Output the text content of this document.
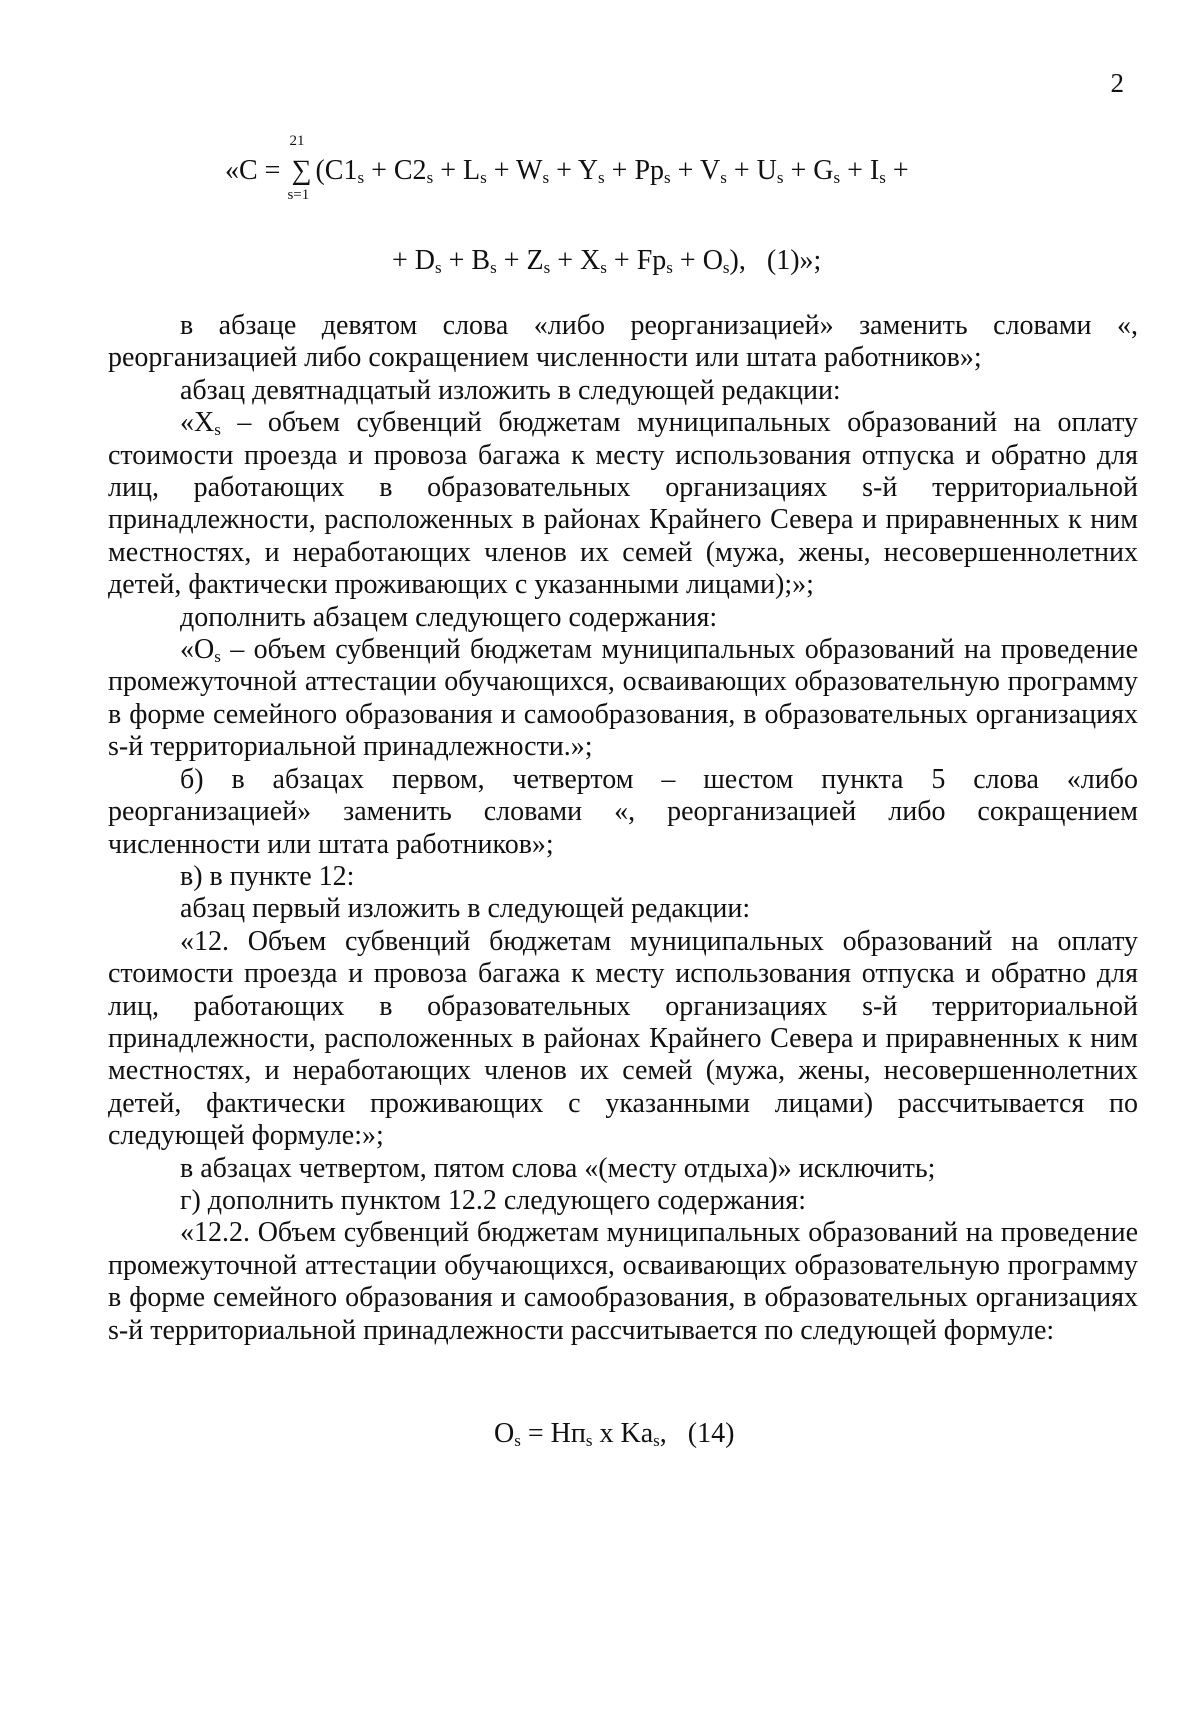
2
«C =
21
∑
s=1
($C1_s + C2_s + L_s + W_s + Y_s + Pp_s + V_s + U_s + G_s + I_s$ +
+ $D_s + B_s + Z_s + X_s + Fp_s + O_s$),   (1)»;

в абзаце девятом слова «либо реорганизацией» заменить словами «, реорганизацией либо сокращением численности или штата работников»;

абзац девятнадцатый изложить в следующей редакции:

«$X_s$ – объем субвенций бюджетам муниципальных образований на оплату стоимости проезда и провоза багажа к месту использования отпуска и обратно для лиц, работающих в образовательных организациях s-й территориальной принадлежности, расположенных в районах Крайнего Севера и приравненных к ним местностях, и неработающих членов их семей (мужа, жены, несовершеннолетних детей, фактически проживающих с указанными лицами);»;

дополнить абзацем следующего содержания:

«$O_s$ – объем субвенций бюджетам муниципальных образований на проведение промежуточной аттестации обучающихся, осваивающих образовательную программу в форме семейного образования и самообразования, в образовательных организациях s-й территориальной принадлежности.»;

б) в абзацах первом, четвертом – шестом пункта 5 слова «либо реорганизацией» заменить словами «, реорганизацией либо сокращением численности или штата работников»;

в) в пункте 12:

абзац первый изложить в следующей редакции:

«12. Объем субвенций бюджетам муниципальных образований на оплату стоимости проезда и провоза багажа к месту использования отпуска и обратно для лиц, работающих в образовательных организациях s-й территориальной принадлежности, расположенных в районах Крайнего Севера и приравненных к ним местностях, и неработающих членов их семей (мужа, жены, несовершеннолетних детей, фактически проживающих с указанными лицами) рассчитывается по следующей формуле:»;

в абзацах четвертом, пятом слова «(месту отдыха)» исключить;

г) дополнить пунктом 12.2 следующего содержания:

«12.2. Объем субвенций бюджетам муниципальных образований на проведение промежуточной аттестации обучающихся, осваивающих образовательную программу в форме семейного образования и самообразования, в образовательных организациях s-й территориальной принадлежности рассчитывается по следующей формуле:

$O_s = Нп_s$ х $Ka_s$,   (14)
